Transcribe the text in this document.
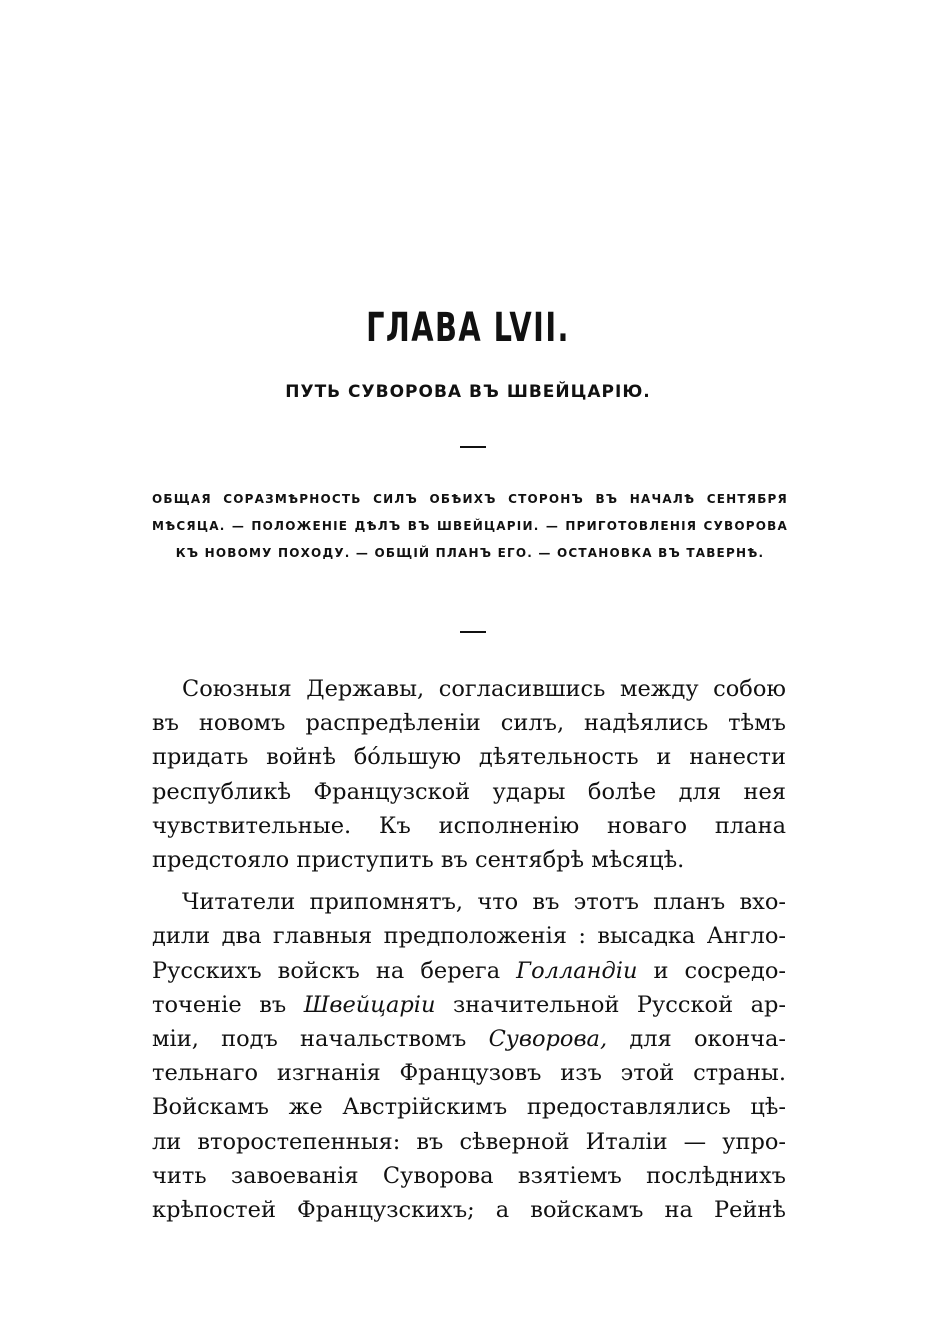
ГЛАВА LVII.
ПУТЬ СУВОРОВА ВЪ ШВЕЙЦАРІЮ.
ОБЩАЯ СОРАЗМѢРНОСТЬ СИЛЪ ОБѢИХЪ СТОРОНЪ ВЪ НАЧАЛѢ СЕНТЯБРЯ МѢСЯЦА. — ПОЛОЖЕНІЕ ДѢЛЪ ВЪ ШВЕЙЦАРІИ. — ПРИГОТОВЛЕНІЯ СУВОРОВА КЪ НОВОМУ ПОХОДУ. — ОБЩІЙ ПЛАНЪ ЕГО. — ОСТАНОВКА ВЪ ТАВЕРНѢ.

Союзныя Державы, согласившись между собою
въ новомъ распредѣленіи силъ, надѣялись тѣмъ
придать войнѣ бóльшую дѣятельность и нанести
республикѣ Французской удары болѣе для нея
чувствительные. Къ исполненію новаго плана
предстояло приступить въ сентябрѣ мѣсяцѣ.

Читатели припомнятъ, что въ этотъ планъ вхо-
дили два главныя предположенія : высадка Англо-
Русскихъ войскъ на берега Голландіи и сосредо-
точеніе въ Швейцаріи значительной Русской ар-
міи, подъ начальствомъ Суворова, для оконча-
тельнаго изгнанія Французовъ изъ этой страны.
Войскамъ же Австрійскимъ предоставлялись цѣ-
ли второстепенныя: въ сѣверной Италіи — упро-
чить завоеванія Суворова взятіемъ послѣднихъ
крѣпостей Французскихъ; а войскамъ на Рейнѣ
